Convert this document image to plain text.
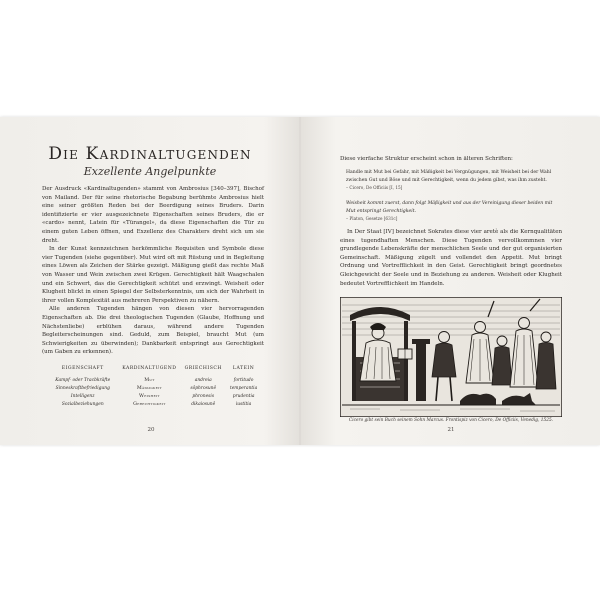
Die Kardinaltugenden
Exzellente Angelpunkte

Der Ausdruck «Kardinaltugenden» stammt von Ambrosius [340–397], Bischof von Mailand. Der für seine rhetorische Begabung berühmte Ambrosius hielt eine seiner größten Reden bei der Beerdigung seines Bruders. Darin identifizierte er vier ausgezeichnete Eigenschaften seines Bruders, die er «cardo» nennt, Latein für «Türangel», da diese Eigenschaften die Tür zu einem guten Leben öffnen, und Exzellenz des Charakters dreht sich um sie dreht.

In der Kunst kennzeichnen herkömmliche Requisiten und Symbole diese vier Tugenden (siehe gegenüber). Mut wird oft mit Rüstung und in Begleitung eines Löwen als Zeichen der Stärke gezeigt. Mäßigung gießt das rechte Maß von Wasser und Wein zwischen zwei Krügen. Gerechtigkeit hält Waagschalen und ein Schwert, das die Gerechtigkeit schützt und erzwingt. Weisheit oder Klugheit blickt in einen Spiegel der Selbsterkenntnis, um sich der Wahrheit in ihrer vollen Komplexität aus mehreren Perspektiven zu nähern.

Alle anderen Tugenden hängen von diesen vier hervorragenden Eigenschaften ab. Die drei theologischen Tugenden (Glaube, Hoffnung und Nächstenliebe) erblühen daraus, während andere Tugenden Begleiterscheinungen sind. Geduld, zum Beispiel, braucht Mut (um Schwierigkeiten zu überwinden); Dankbarkeit entspringt aus Gerechtigkeit (um Gaben zu erkennen).

EIGENSCHAFT	KARDINALTUGEND	GRIECHISCH	LATEIN
Kampf- oder Tracbkräfte	Mut	andreia	fortitudo
Sinneskraftbefriedigung	Mäßigkeit	sôphrosunê	temperantia
Intelligenz	Weisheit	phronesis	prudentia
Sozialbeziehungen	Gerechtigkeit	dikaiosunê	iustitia
20
Diese vierfache Struktur erscheint schon in älteren Schriften:
Handle mit Mut bei Gefahr, mit Mäßigkeit bei Vergnügungen, mit Weisheit bei der Wahl zwischen Gut und Böse und mit Gerechtigkeit, wenn du jedem gibst, was ihm zusteht.
– Cicero, De Officiis [I, 15]
Weisheit kommt zuerst, dann folgt Mäßigkeit und aus der Vereinigung dieser beiden mit Mut entspringt Gerechtigkeit.
– Platon, Gesetze [631c]
In Der Staat [IV] bezeichnet Sokrates diese vier aretè als die Kernqualitäten eines tugendhaften Menschen. Diese Tugenden vervollkommnen vier grundlegende Lebenskräfte der menschlichen Seele und der gut organisierten Gemeinschaft. Mäßigung zügelt und vollendet den Appetit. Mut bringt Ordnung und Vortrefflichkeit in den Geist. Gerechtigkeit bringt geordnetes Gleichgewicht der Seele und in Beziehung zu anderen. Weisheit oder Klugheit bedeutet Vortrefflichkeit im Handeln.
Cicero gibt sein Buch seinem Sohn Marcus. Frontispiz von Cicero, De Officiis, Venedig, 1525.
21
